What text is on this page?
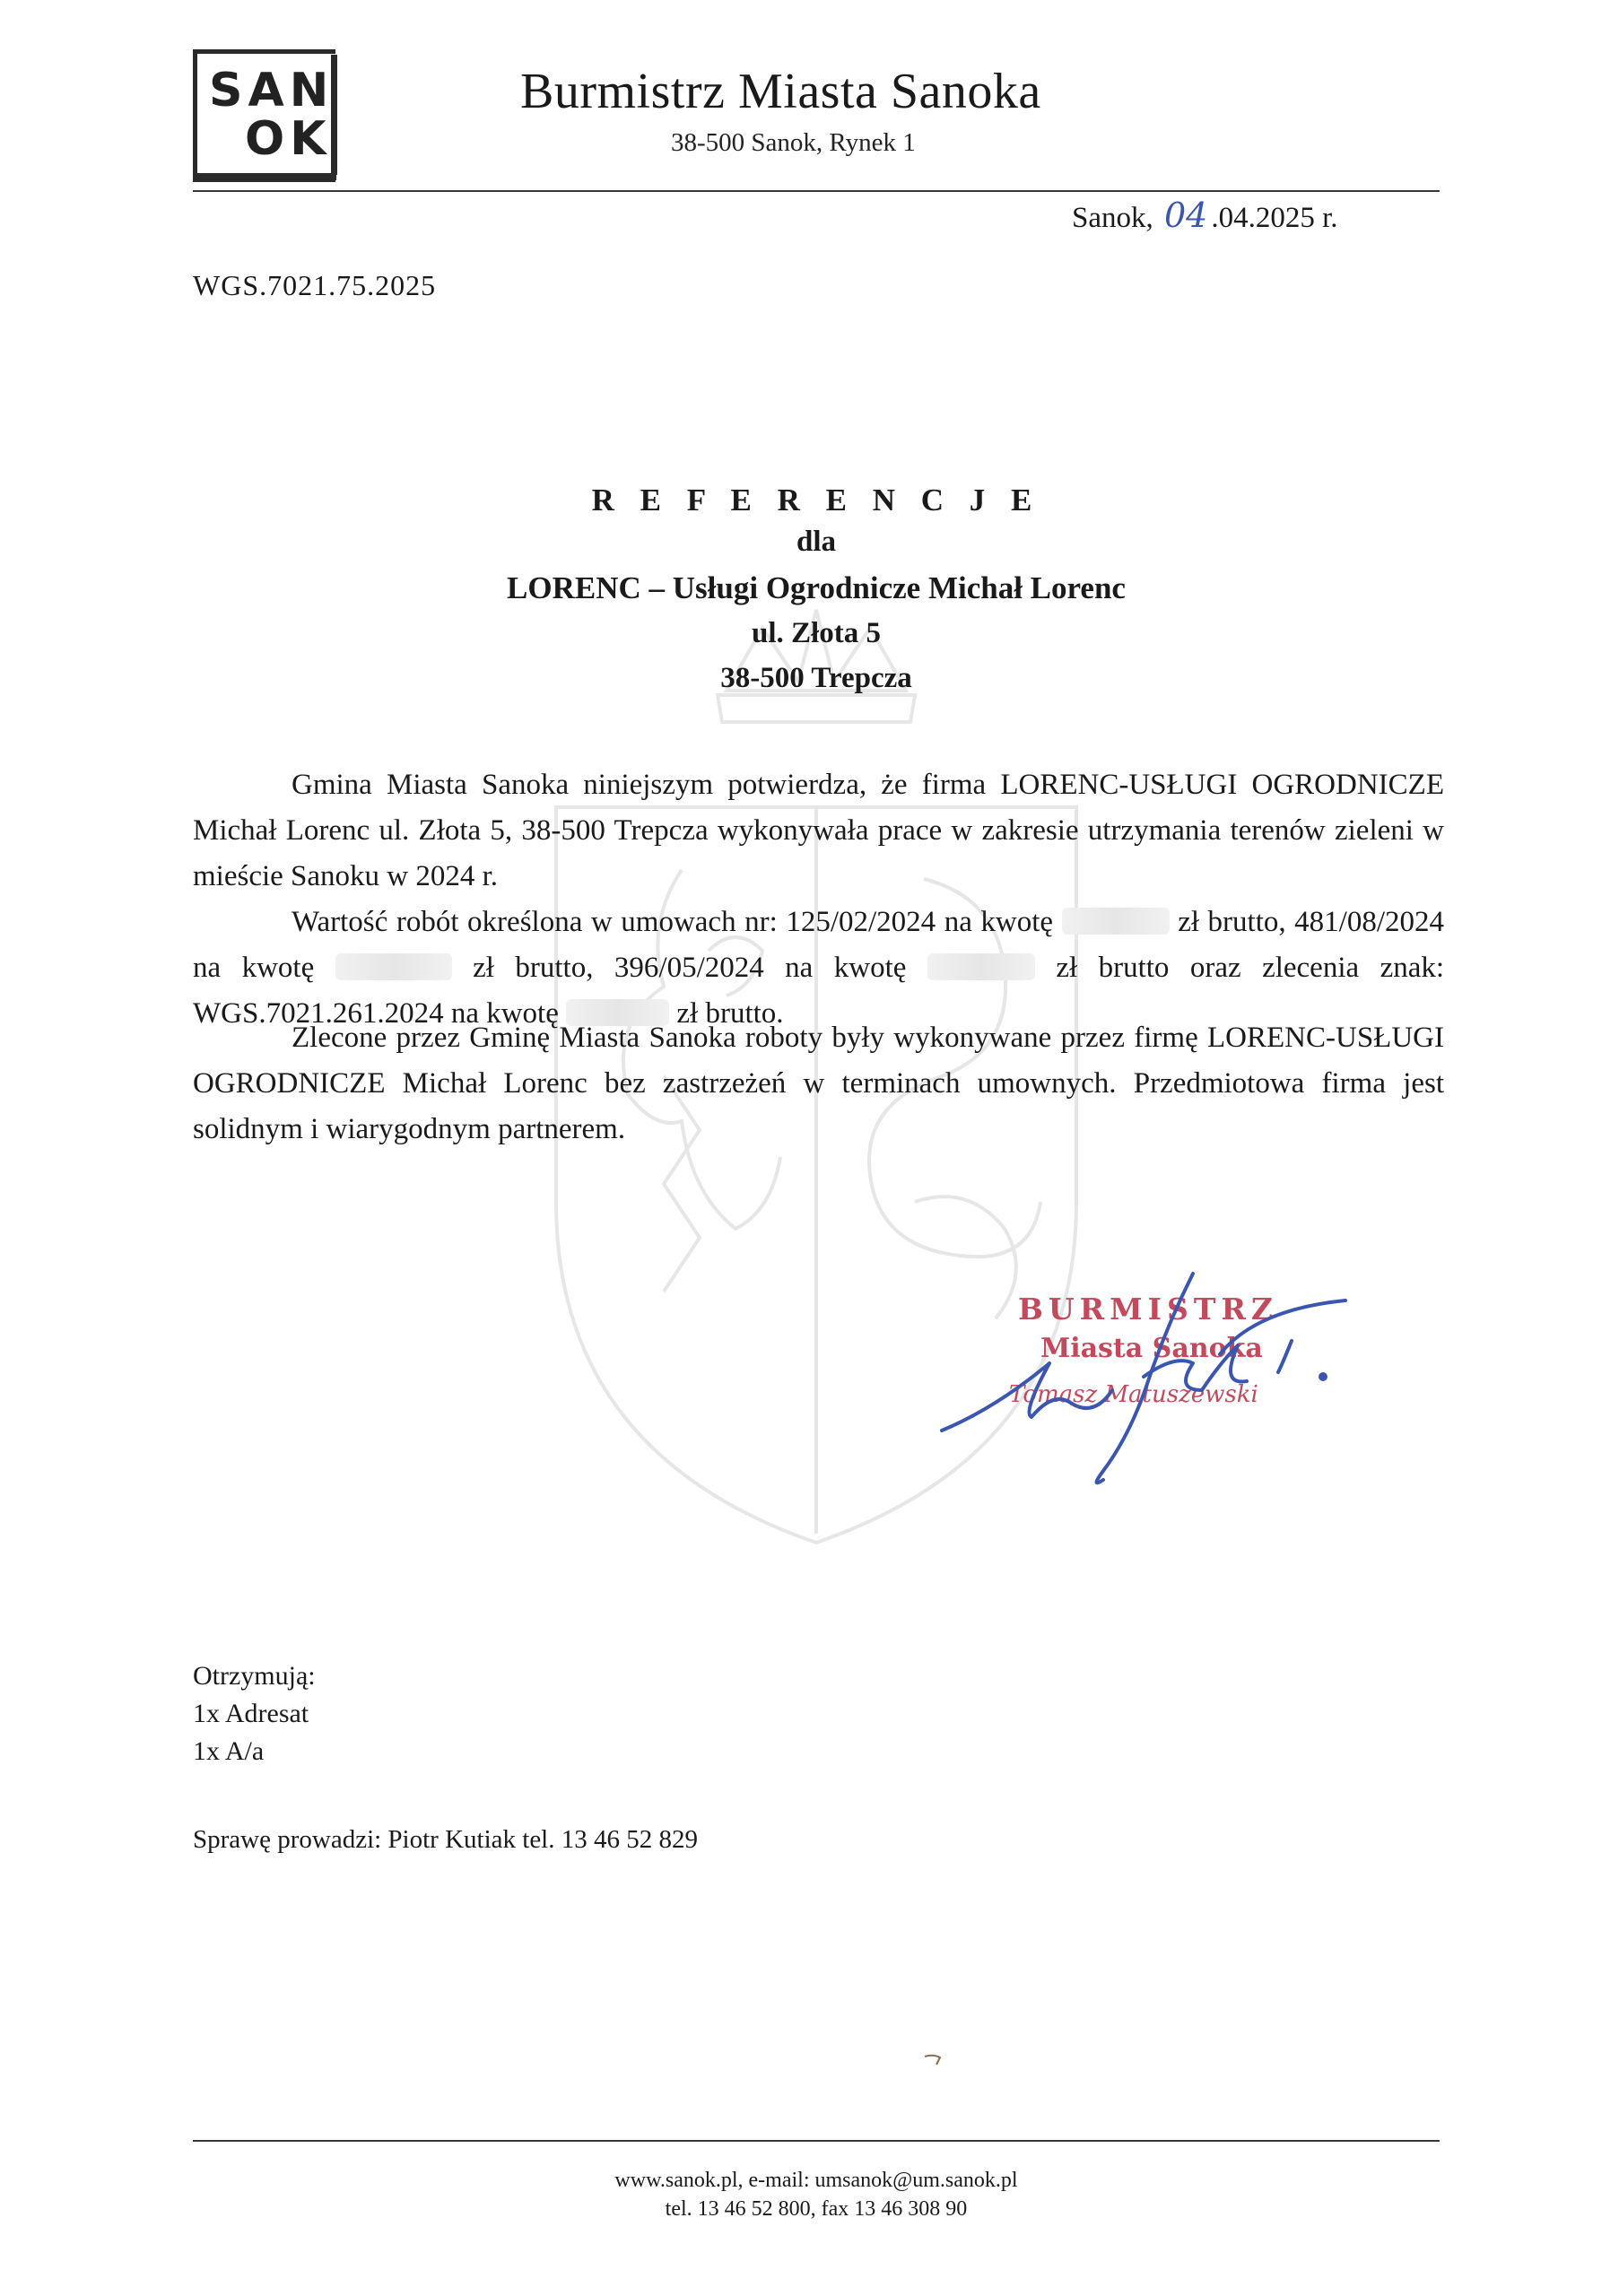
SAN
OK
Burmistrz Miasta Sanoka
38-500 Sanok, Rynek 1
Sanok, 04 .04.2025 r.
WGS.7021.75.2025
R E F E R E N C J E
dla
LORENC – Usługi Ogrodnicze Michał Lorenc
ul. Złota 5
38-500 Trepcza
Gmina Miasta Sanoka niniejszym potwierdza, że firma LORENC-USŁUGI OGRODNICZE Michał Lorenc ul. Złota 5, 38-500 Trepcza wykonywała prace w zakresie utrzymania terenów zieleni w mieście Sanoku w 2024 r.
Wartość robót określona w umowach nr: 125/02/2024 na kwotę	zł brutto, 481/08/2024 na kwotę	zł brutto, 396/05/2024 na kwotę	zł brutto oraz zlecenia znak: WGS.7021.261.2024 na kwotę	zł brutto.
Zlecone przez Gminę Miasta Sanoka roboty były wykonywane przez firmę LORENC-USŁUGI OGRODNICZE Michał Lorenc bez zastrzeżeń w terminach umownych. Przedmiotowa firma jest solidnym i wiarygodnym partnerem.
BURMISTRZ
Miasta Sanoka
Tomasz Matuszewski
Otrzymują:
1x Adresat
1x A/a
Sprawę prowadzi: Piotr Kutiak tel. 13 46 52 829
www.sanok.pl, e-mail: umsanok@um.sanok.pl
tel. 13 46 52 800, fax 13 46 308 90
